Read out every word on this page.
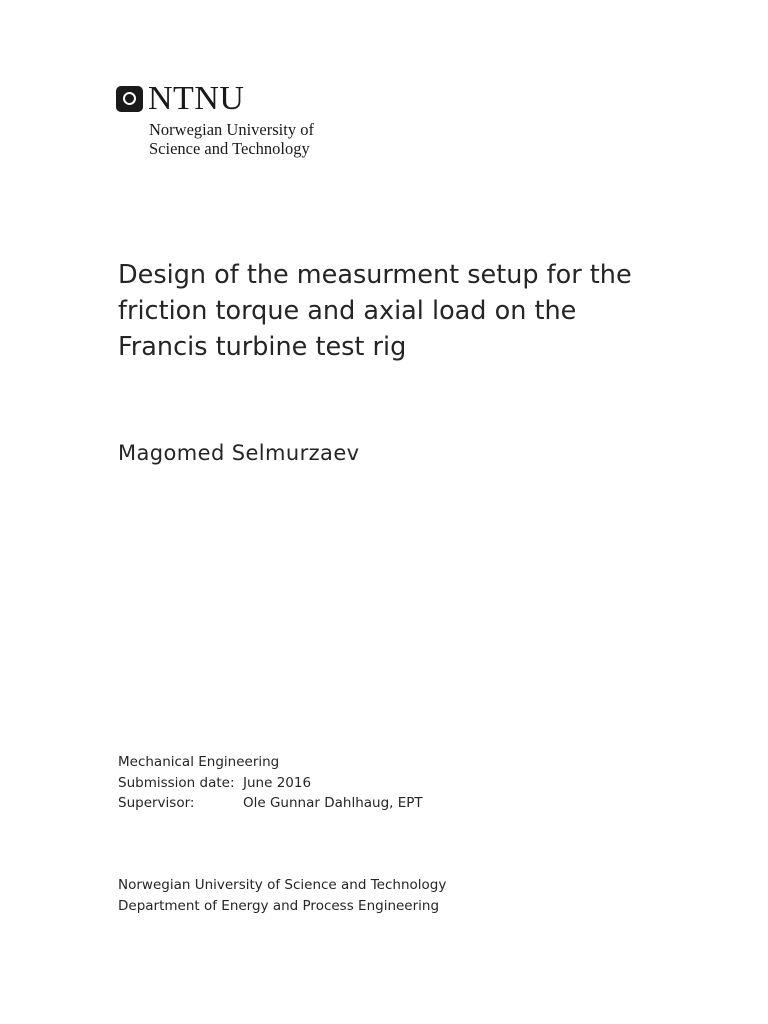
NTNU
Norwegian University of
Science and Technology
Design of the measurment setup for the
friction torque and axial load on the
Francis turbine test rig
Magomed Selmurzaev
Mechanical Engineering
Submission date: June 2016
Supervisor:	Ole Gunnar Dahlhaug, EPT
Norwegian University of Science and Technology
Department of Energy and Process Engineering
